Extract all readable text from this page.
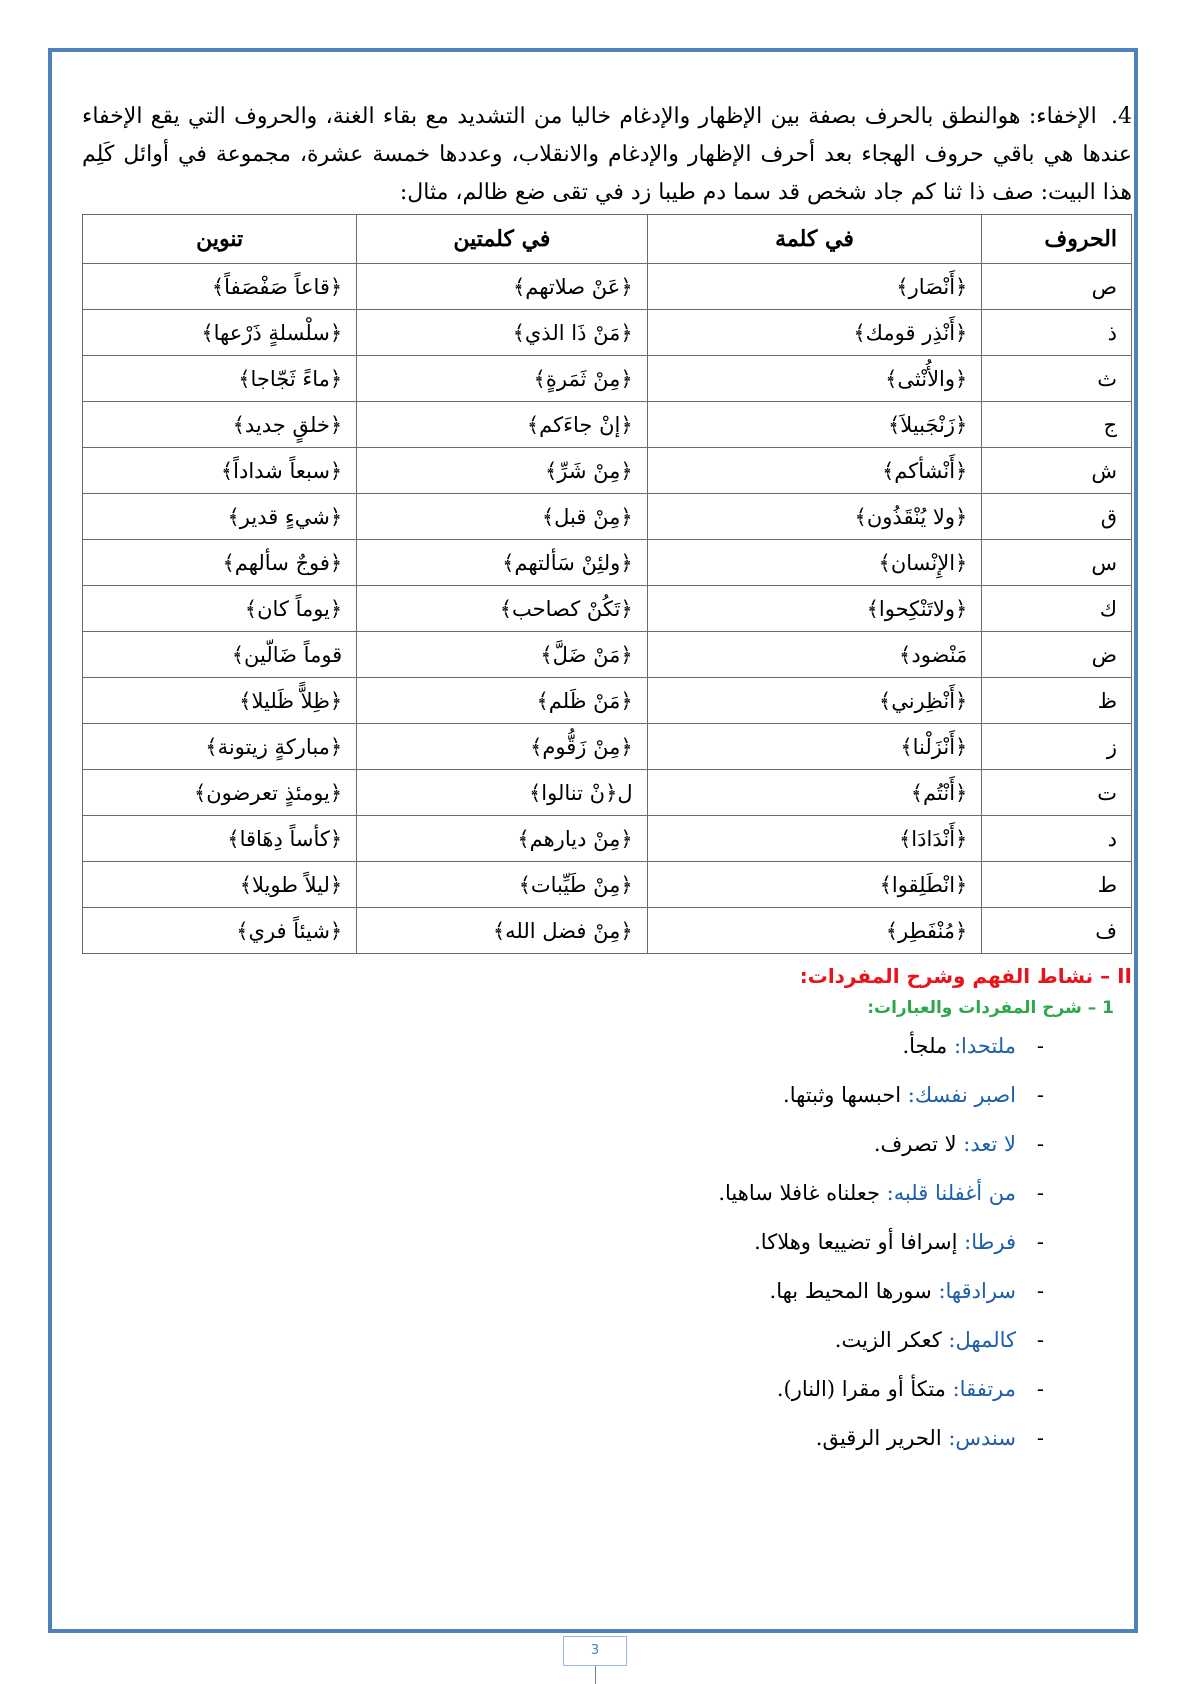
4. الإخفاء: هوالنطق بالحرف بصفة بين الإظهار والإدغام خاليا من التشديد مع بقاء الغنة، والحروف التي يقع الإخفاء عندها هي باقي حروف الهجاء بعد أحرف الإظهار والإدغام والانقلاب، وعددها خمسة عشرة، مجموعة في أوائل كَلِم هذا البيت: صف ذا ثنا كم جاد شخص قد سما دم طيبا زد في تقى ضع ظالم، مثال:

الحروف	في كلمة	في كلمتين	تنوين
ص	﴿أَنْصَار﴾	﴿عَنْ صلاتهم﴾	﴿قاعاً صَفْصَفاً﴾
ذ	﴿أَنْذِر قومك﴾	﴿مَنْ ذَا الذي﴾	﴿سلْسلةٍ ذَرْعها﴾
ث	﴿والأُنْثى﴾	﴿مِنْ ثَمَرةٍ﴾	﴿ماءً ثَجّاجا﴾
ج	﴿زَنْجَبيلاَ﴾	﴿إنْ جاءَكم﴾	﴿خلقٍ جديد﴾
ش	﴿أَنْشأكم﴾	﴿مِنْ شَرِّ﴾	﴿سبعاً شداداً﴾
ق	﴿ولا يُنْقَذُون﴾	﴿مِنْ قبل﴾	﴿شيءٍ قدير﴾
س	﴿الإِنْسان﴾	﴿ولئِنْ سَألتهم﴾	﴿فوجٌ سألهم﴾
ك	﴿ولاتَنْكِحوا﴾	﴿تَكُنْ كصاحب﴾	﴿يوماً كان﴾
ض	مَنْضود﴾	﴿مَنْ ضَلَّ﴾	قوماً ضَالّين﴾
ظ	﴿أَنْظِرني﴾	﴿مَنْ ظَلم﴾	﴿ظِلاًّ ظَليلا﴾
ز	﴿أَنْزَلْنا﴾	﴿مِنْ زَقُّوم﴾	﴿مباركةٍ زيتونة﴾
ت	﴿أَنْتُم﴾	ل﴿نْ تنالوا﴾	﴿يومئذٍ تعرضون﴾
د	﴿أَنْدَادَا﴾	﴿مِنْ ديارهم﴾	﴿كأساً دِهَاقا﴾
ط	﴿انْطَلِقوا﴾	﴿مِنْ طَيِّبات﴾	﴿ليلاً طويلا﴾
ف	﴿مُنْفَطِر﴾	﴿مِنْ فضل الله﴾	﴿شيئاً فري﴾
II – نشاط الفهم وشرح المفردات:
1 – شرح المفردات والعبارات:
-ملتحدا: ملجأ.
-اصبر نفسك: احبسها وثبتها.
-لا تعد: لا تصرف.
-من أغفلنا قلبه: جعلناه غافلا ساهيا.
-فرطا: إسرافا أو تضييعا وهلاكا.
-سرادقها: سورها المحيط بها.
-كالمهل: كعكر الزيت.
-مرتفقا: متكأ أو مقرا (النار).
-سندس: الحرير الرقيق.
3
